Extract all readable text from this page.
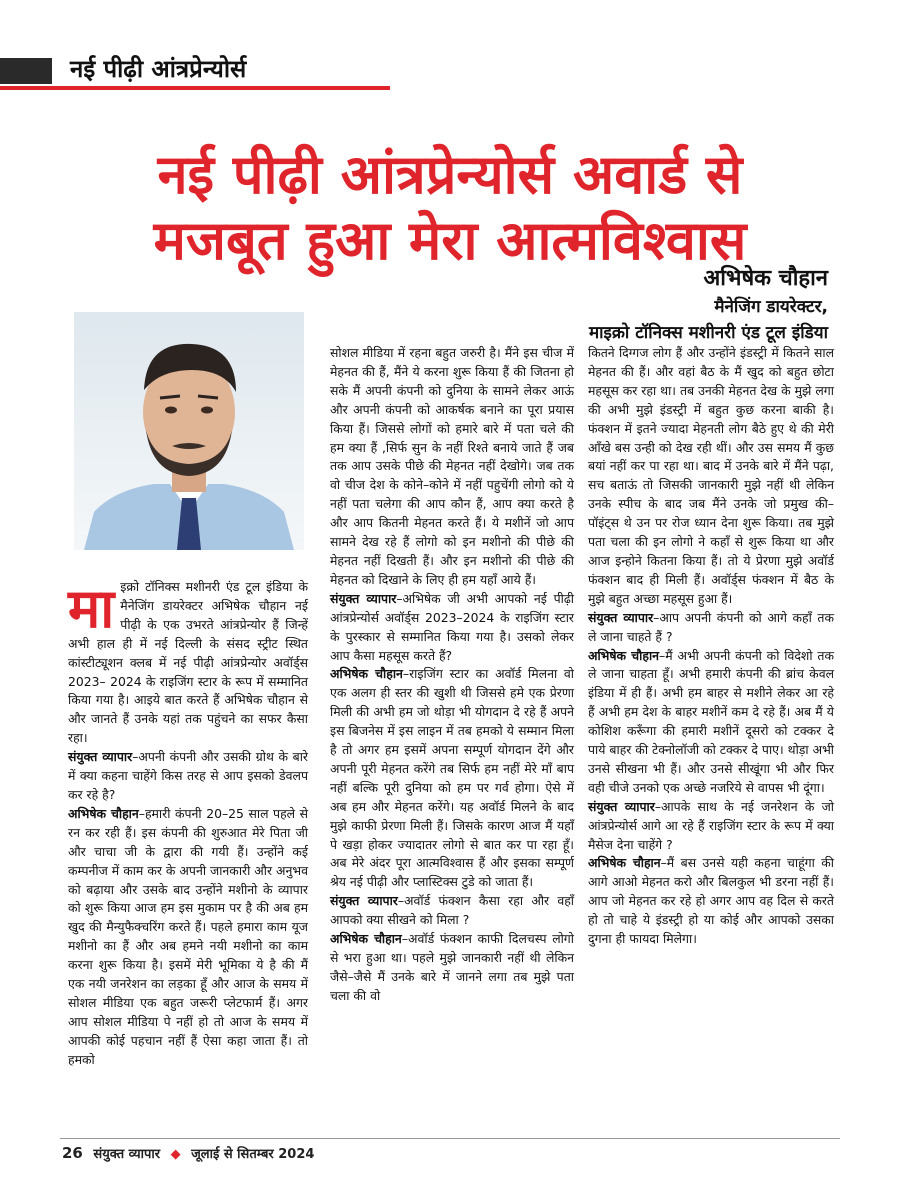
नई पीढ़ी आंत्रप्रेन्योर्स
नई पीढ़ी आंत्रप्रेन्योर्स अवार्ड से
मजबूत हुआ मेरा आत्मविश्वास
अभिषेक चौहान
मैनेजिंग डायरेक्टर,
माइक्रो टॉनिक्स मशीनरी एंड टूल इंडिया

मा इक्रो टॉनिक्स मशीनरी एंड टूल इंडिया के मैनेजिंग डायरेक्टर अभिषेक चौहान नई पीढ़ी के एक उभरते आंत्रप्रेन्योर हैं जिन्हें अभी हाल ही में नई दिल्ली के संसद स्ट्रीट स्थित कांस्टीट्यूशन क्लब में नई पीढ़ी आंत्रप्रेन्योर अवॉर्ड्स 2023– 2024 के राइजिंग स्टार के रूप में सम्मानित किया गया है। आइये बात करते हैं अभिषेक चौहान से और जानते हैं उनके यहां तक पहुंचने का सफर कैसा रहा।

संयुक्त व्यापार–अपनी कंपनी और उसकी ग्रोथ के बारे में क्या कहना चाहेंगे किस तरह से आप इसको डेवलप कर रहे है?

अभिषेक चौहान–हमारी कंपनी 20–25 साल पहले से रन कर रही हैं। इस कंपनी की शुरुआत मेरे पिता जी और चाचा जी के द्वारा की गयी हैं। उन्होंने कई कम्पनीज में काम कर के अपनी जानकारी और अनुभव को बढ़ाया और उसके बाद उन्होंने मशीनो के व्यापार को शुरू किया आज हम इस मुकाम पर है की अब हम खुद की मैन्युफैक्चरिंग करते हैं। पहले हमारा काम यूज मशीनो का हैं और अब हमने नयी मशीनो का काम करना शुरू किया है। इसमें मेरी भूमिका ये है की मैं एक नयी जनरेशन का लड़का हूँ और आज के समय में सोशल मीडिया एक बहुत जरूरी प्लेटफार्म हैं। अगर आप सोशल मीडिया पे नहीं हो तो आज के समय में आपकी कोई पहचान नहीं हैं ऐसा कहा जाता हैं। तो हमको

सोशल मीडिया में रहना बहुत जरुरी है। मैंने इस चीज में मेहनत की हैं, मैंने ये करना शुरू किया हैं की जितना हो सके मैं अपनी कंपनी को दुनिया के सामने लेकर आऊं और अपनी कंपनी को आकर्षक बनाने का पूरा प्रयास किया हैं। जिससे लोगों को हमारे बारे में पता चले की हम क्या हैं ,सिर्फ सुन के नहीं रिश्ते बनाये जाते हैं जब तक आप उसके पीछे की मेहनत नहीं देखोगे। जब तक वो चीज देश के कोने–कोने में नहीं पहुचेंगी लोगो को ये नहीं पता चलेगा की आप कौन हैं, आप क्या करते है और आप कितनी मेहनत करते हैं। ये मशीनें जो आप सामने देख रहे हैं लोगो को इन मशीनो की पीछे की मेहनत नहीं दिखती हैं। और इन मशीनो की पीछे की मेहनत को दिखाने के लिए ही हम यहाँ आये हैं।

संयुक्त व्यापार–अभिषेक जी अभी आपको नई पीढ़ी आंत्रप्रेन्योर्स अवॉर्ड्स 2023–2024 के राइजिंग स्टार के पुरस्कार से सम्मानित किया गया है। उसको लेकर आप कैसा महसूस करते हैं?

अभिषेक चौहान–राइजिंग स्टार का अवॉर्ड मिलना वो एक अलग ही स्तर की खुशी थी जिससे हमे एक प्रेरणा मिली की अभी हम जो थोड़ा भी योगदान दे रहे हैं अपने इस बिजनेस में इस लाइन में तब हमको ये सम्मान मिला है तो अगर हम इसमें अपना सम्पूर्ण योगदान देंगे और अपनी पूरी मेहनत करेंगे तब सिर्फ हम नहीं मेरे माँ बाप नहीं बल्कि पूरी दुनिया को हम पर गर्व होगा। ऐसे में अब हम और मेहनत करेंगे। यह अवॉर्ड मिलने के बाद मुझे काफी प्रेरणा मिली हैं। जिसके कारण आज मैं यहाँ पे खड़ा होकर ज्यादातर लोगो से बात कर पा रहा हूँ। अब मेरे अंदर पूरा आत्मविश्वास हैं और इसका सम्पूर्ण श्रेय नई पीढ़ी और प्लास्टिक्स टुडे को जाता हैं।

संयुक्त व्यापार–अवॉर्ड फंक्शन कैसा रहा और वहाँ आपको क्या सीखने को मिला ?

अभिषेक चौहान–अवॉर्ड फंक्शन काफी दिलचस्प लोगो से भरा हुआ था। पहले मुझे जानकारी नहीं थी लेकिन जैसे–जैसे मैं उनके बारे में जानने लगा तब मुझे पता चला की वो

कितने दिग्गज लोग हैं और उन्होंने इंडस्ट्री में कितने साल मेहनत की हैं। और वहां बैठ के मैं खुद को बहुत छोटा महसूस कर रहा था। तब उनकी मेहनत देख के मुझे लगा की अभी मुझे इंडस्ट्री में बहुत कुछ करना बाकी है। फंक्शन में इतने ज्यादा मेहनती लोग बैठे हुए थे की मेरी आँखे बस उन्ही को देख रही थीं। और उस समय मैं कुछ बयां नहीं कर पा रहा था। बाद में उनके बारे में मैंने पढ़ा, सच बताऊं तो जिसकी जानकारी मुझे नहीं थी लेकिन उनके स्पीच के बाद जब मैंने उनके जो प्रमुख की–पॉइंट्स थे उन पर रोज ध्यान देना शुरू किया। तब मुझे पता चला की इन लोगो ने कहाँ से शुरू किया था और आज इन्होने कितना किया हैं। तो ये प्रेरणा मुझे अवॉर्ड फंक्शन बाद ही मिली हैं। अवॉर्ड्स फंक्शन में बैठ के मुझे बहुत अच्छा महसूस हुआ हैं।

संयुक्त व्यापार–आप अपनी कंपनी को आगे कहाँ तक ले जाना चाहते हैं ?

अभिषेक चौहान–मैं अभी अपनी कंपनी को विदेशो तक ले जाना चाहता हूँ। अभी हमारी कंपनी की ब्रांच केवल इंडिया में ही हैं। अभी हम बाहर से मशीने लेकर आ रहे हैं अभी हम देश के बाहर मशीनें कम दे रहे हैं। अब मैं ये कोशिश करूँगा की हमारी मशीनें दूसरो को टक्कर दे पाये बाहर की टेक्नोलॉजी को टक्कर दे पाए। थोड़ा अभी उनसे सीखना भी हैं। और उनसे सीखूंगा भी और फिर वही चीजे उनको एक अच्छे नजरिये से वापस भी दूंगा।

संयुक्त व्यापार–आपके साथ के नई जनरेशन के जो आंत्रप्रेन्योर्स आगे आ रहे हैं राइजिंग स्टार के रूप में क्या मैसेज देना चाहेंगे ?

अभिषेक चौहान–मैं बस उनसे यही कहना चाहूंगा की आगे आओ मेहनत करो और बिलकुल भी डरना नहीं हैं। आप जो मेहनत कर रहे हो अगर आप वह दिल से करते हो तो चाहे ये इंडस्ट्री हो या कोई और आपको उसका दुगना ही फायदा मिलेगा।

26 संयुक्त व्यापार ◆ जूलाई से सितम्बर 2024
